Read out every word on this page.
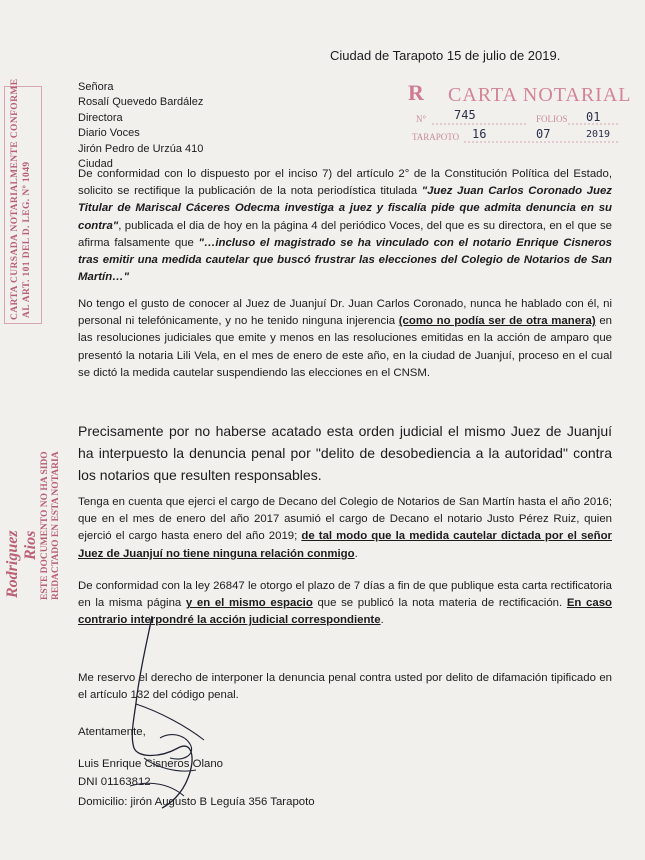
Ciudad de Tarapoto 15 de julio de 2019.
Señora
Rosalí Quevedo Bardález
Directora
Diario Voces
Jirón Pedro de Urzúa 410
Ciudad
R CARTA NOTARIAL
N° 745	FOLIOS 01
TARAPOTO 16	07	2019
CARTA CURSADA NOTARIALMENTE CONFORME AL ART. 101 DEL D. LEG. Nº 1049
Rodriguez Rios ESTE DOCUMENTO NO HA SIDO REDACTADO EN ESTA NOTARIA
De conformidad con lo dispuesto por el inciso 7) del artículo 2° de la Constitución Política del Estado, solicito se rectifique la publicación de la nota periodística titulada "Juez Juan Carlos Coronado Juez Titular de Mariscal Cáceres Odecma investiga a juez y fiscalía pide que admita denuncia en su contra", publicada el dia de hoy en la página 4 del periódico Voces, del que es su directora, en el que se afirma falsamente que "…incluso el magistrado se ha vinculado con el notario Enrique Cisneros tras emitir una medida cautelar que buscó frustrar las elecciones del Colegio de Notarios de San Martín…"
No tengo el gusto de conocer al Juez de Juanjuí Dr. Juan Carlos Coronado, nunca he hablado con él, ni personal ni telefónicamente, y no he tenido ninguna injerencia (como no podía ser de otra manera) en las resoluciones judiciales que emite y menos en las resoluciones emitidas en la acción de amparo que presentó la notaria Lili Vela, en el mes de enero de este año, en la ciudad de Juanjuí, proceso en el cual se dictó la medida cautelar suspendiendo las elecciones en el CNSM.
Precisamente por no haberse acatado esta orden judicial el mismo Juez de Juanjuí ha interpuesto la denuncia penal por "delito de desobediencia a la autoridad" contra los notarios que resulten responsables.
Tenga en cuenta que ejerci el cargo de Decano del Colegio de Notarios de San Martín hasta el año 2016; que en el mes de enero del año 2017 asumió el cargo de Decano el notario Justo Pérez Ruiz, quien ejerció el cargo hasta enero del año 2019; de tal modo que la medida cautelar dictada por el señor Juez de Juanjuí no tiene ninguna relación conmigo.
De conformidad con la ley 26847 le otorgo el plazo de 7 días a fin de que publique esta carta rectificatoria en la misma página y en el mismo espacio que se publicó la nota materia de rectificación. En caso contrario interpondré la acción judicial correspondiente.
Me reservo el derecho de interponer la denuncia penal contra usted por delito de difamación tipificado en el artículo 132 del código penal.
Atentamente,
Luis Enrique Cisneros Olano
DNI 01163812
Domicilio: jirón Augusto B Leguía 356 Tarapoto
